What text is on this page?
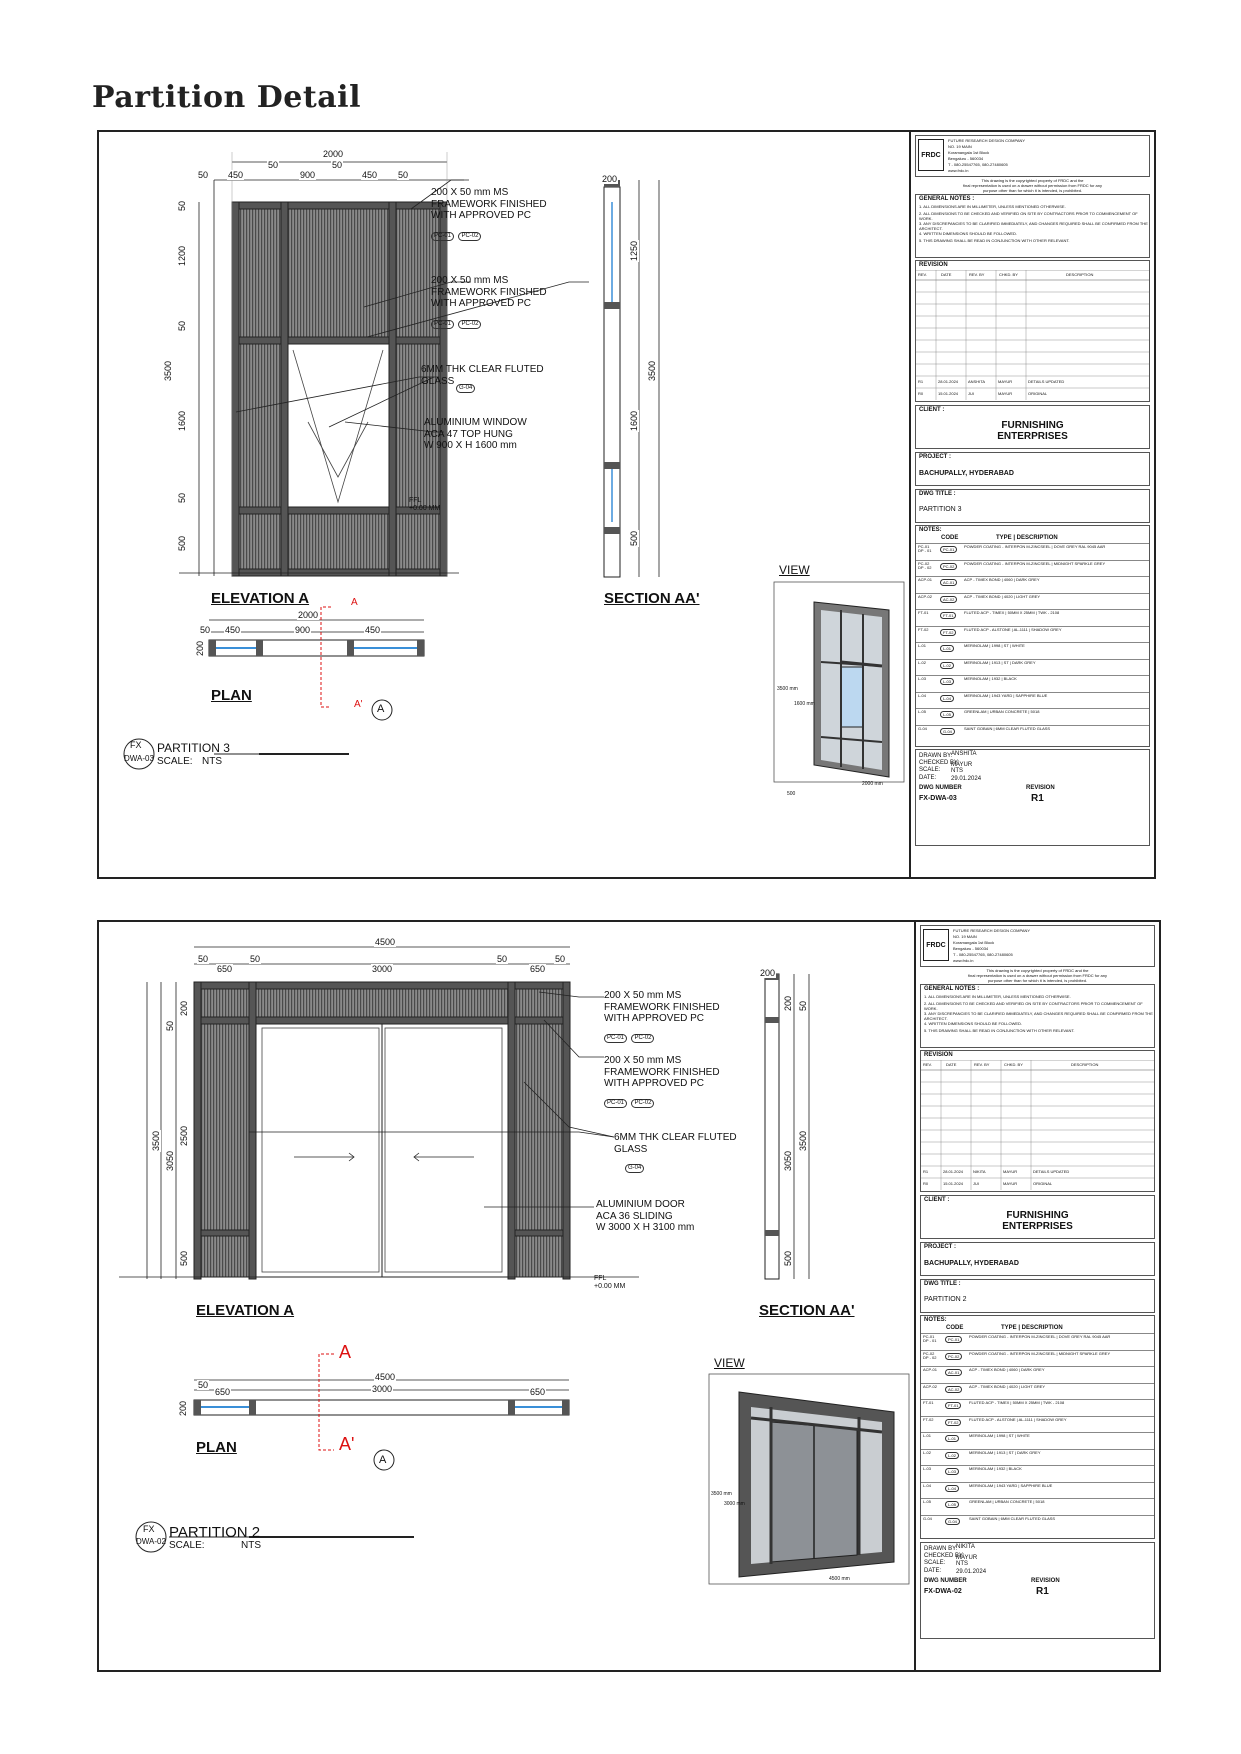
Partition Detail
2000
50 450
50
900
50
450 50
1200
1600
3500
500
50
50
50
200 X 50 mm MS
FRAMEWORK FINISHED
WITH APPROVED PC
PC-01 PC-02
200 X 50 mm MS
FRAMEWORK FINISHED
WITH APPROVED PC
PC-01 PC-02
6MM THK CLEAR FLUTED
GLASS
G-04
ALUMINIUM WINDOW
ACA 47 TOP HUNG
W 900 X H 1600 mm
FFL
+0.00 MM
200
1250
3500
1600
500
ELEVATION A	SECTION AA'
2000
50 450	900	450
200
A
A' A
PLAN
FX
DWA-03
PARTITION 3
SCALE: NTS
VIEW
3500 mm
1600 mm
2000 mm
500
FRDC
FUTURE RESEARCH DESIGN COMPANY
NO. 19 MAIN
Koramangala 1st Block
Bengaluru - 560034
T - 080-25547765, 080-27480605
www.frdc.in
This drawing is the copyrighted property of FRDC and the
final representation is used on a drawer without permission from FRDC for any
purpose other than for which it is intended, is prohibited.
GENERAL NOTES :
1. ALL DIMENSIONS ARE IN MILLIMETER, UNLESS MENTIONED OTHERWISE.
2. ALL DIMENSIONS TO BE CHECKED AND VERIFIED ON SITE BY CONTRACTORS PRIOR TO COMMENCEMENT OF WORK.
3. ANY DISCREPANCIES TO BE CLARIFIED IMMEDIATELY, AND CHANGES REQUIRED SHALL BE CONFIRMED FROM THE ARCHITECT.
4. WRITTEN DIMENSIONS SHOULD BE FOLLOWED.
5. THIS DRAWING SHALL BE READ IN CONJUNCTION WITH OTHER RELEVANT.
REVISION
REV.	DATE	REV. BY	CHKD. BY	DESCRIPTION
R1	28.01.2024 ANSHITA	MAYUR	DETAILS UPDATED
R0	15.01.2024 JUI	MAYUR	ORIGINAL
CLIENT :
FURNISHING
ENTERPRISES
PROJECT :
BACHUPALLY, HYDERABAD
DWG TITLE :
PARTITION 3
NOTES:
CODE	TYPE | DESCRIPTION
PC-01
DP - 01	PC-01
POWDER COATING - INTERPON M-ZINCSEEL | DOVE GREY RAL 9045 AAR
PC-02
DP - 02	PC-02
POWDER COATING - INTERPON M-ZINCSEEL | MIDNIGHT SPARKLE GREY
ACP-01
AC-01
ACP - TIMEX BOND | 4060 | DARK GREY
ACP-02
AC-02
ACP - TIMEX BOND | 4020 | LIGHT GREY
FT-01
FT-01
FLUTED ACP - TIMEX | 50MM X 25MM | TWK - 2108
FT-02
FT-02
FLUTED ACP - ALSTONE | AL-1111 | SHADOW GREY
L-01
L-01
MERINOLAM | 1998 | ST | WHITE
L-02
L-02
MERINOLAM | 1913 | ST | DARK GREY
L-03
L-03
MERINOLAM | 1932 | BLACK
L-04
L-04
MERINOLAM | 1943 YARD | SAPPHIRE BLUE
L-05
L-05
GREENLAM | URBAN CONCRETE | 5018
G-04
G-04
SAINT GOBAIN | 6MM CLEAR FLUTED GLASS
DRAWN BY:
ANSHITA
CHECKED BY:
MAYUR
SCALE: NTS
DATE: 29.01.2024
DWG NUMBER	REVISION
FX-DWA-03	R1
4500
50
650
50
3000
50
650
50
3500
3050
2500
500
200
50
200 X 50 mm MS
FRAMEWORK FINISHED
WITH APPROVED PC
PC-01 PC-02
200 X 50 mm MS
FRAMEWORK FINISHED
WITH APPROVED PC
PC-01 PC-02
6MM THK CLEAR FLUTED
GLASS
G-04
ALUMINIUM DOOR
ACA 36 SLIDING
W 3000 X H 3100 mm
FFL
+0.00 MM
200
200
3050
3500
500
50
ELEVATION A	SECTION AA'
4500
50
650	3000	650
200
A
A'
A
PLAN
FX
DWA-02
PARTITION 2
SCALE:	NTS
VIEW
3500 mm
3000 mm
4500 mm
FRDC
FUTURE RESEARCH DESIGN COMPANY
NO. 19 MAIN
Koramangala 1st Block
Bengaluru - 560034
T - 080-25547765, 080-27480605
www.frdc.in
This drawing is the copyrighted property of FRDC and the
final representation is used on a drawer without permission from FRDC for any
purpose other than for which it is intended, is prohibited.
GENERAL NOTES :
1. ALL DIMENSIONS ARE IN MILLIMETER, UNLESS MENTIONED OTHERWISE.
2. ALL DIMENSIONS TO BE CHECKED AND VERIFIED ON SITE BY CONTRACTORS PRIOR TO COMMENCEMENT OF WORK.
3. ANY DISCREPANCIES TO BE CLARIFIED IMMEDIATELY, AND CHANGES REQUIRED SHALL BE CONFIRMED FROM THE ARCHITECT.
4. WRITTEN DIMENSIONS SHOULD BE FOLLOWED.
5. THIS DRAWING SHALL BE READ IN CONJUNCTION WITH OTHER RELEVANT.
REVISION
REV.	DATE	REV. BY	CHKD. BY	DESCRIPTION
R1	28.01.2024 NIKITA	MAYUR	DETAILS UPDATED
R0	15.01.2024 JUI	MAYUR	ORIGINAL
CLIENT :
FURNISHING
ENTERPRISES
PROJECT :
BACHUPALLY, HYDERABAD
DWG TITLE :
PARTITION 2
NOTES:
CODE	TYPE | DESCRIPTION
PC-01
DP - 01	PC-01
POWDER COATING - INTERPON M-ZINCSEEL | DOVE GREY RAL 9045 AAR
PC-02
DP - 02	PC-02
POWDER COATING - INTERPON M-ZINCSEEL | MIDNIGHT SPARKLE GREY
ACP-01
AC-01
ACP - TIMEX BOND | 4060 | DARK GREY
ACP-02
AC-02
ACP - TIMEX BOND | 4020 | LIGHT GREY
FT-01
FT-01
FLUTED ACP - TIMEX | 50MM X 25MM | TWK - 2108
FT-02
FT-02
FLUTED ACP - ALSTONE | AL-1111 | SHADOW GREY
L-01
L-01
MERINOLAM | 1998 | ST | WHITE
L-02
L-02
MERINOLAM | 1913 | ST | DARK GREY
L-03
L-03
MERINOLAM | 1932 | BLACK
L-04
L-04
MERINOLAM | 1943 YARD | SAPPHIRE BLUE
L-05
L-05
GREENLAM | URBAN CONCRETE | 5018
G-04
G-04
SAINT GOBAIN | 6MM CLEAR FLUTED GLASS
DRAWN BY:
NIKITA
CHECKED BY:
MAYUR
SCALE: NTS
DATE: 29.01.2024
DWG NUMBER	REVISION
FX-DWA-02	R1
